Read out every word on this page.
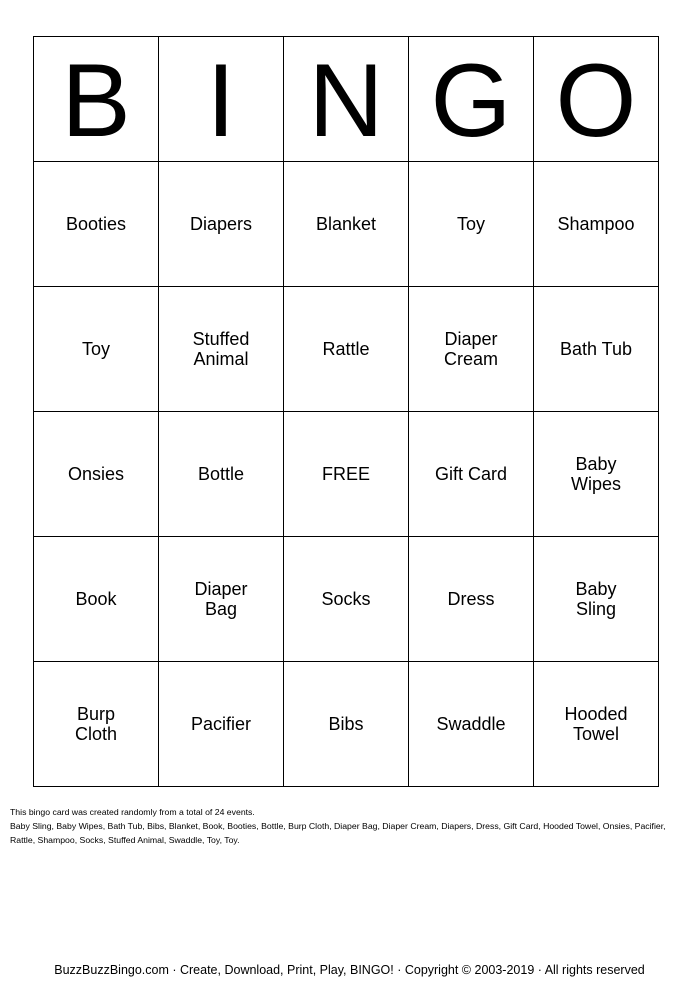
B	I	N	G	O
Booties	Diapers	Blanket	Toy	Shampoo
Toy	Stuffed Animal	Rattle	Diaper Cream	Bath Tub
Onsies	Bottle	FREE	Gift Card	Baby Wipes
Book	Diaper Bag	Socks	Dress	Baby Sling
Burp Cloth	Pacifier	Bibs	Swaddle	Hooded Towel
This bingo card was created randomly from a total of 24 events.
Baby Sling, Baby Wipes, Bath Tub, Bibs, Blanket, Book, Booties, Bottle, Burp Cloth, Diaper Bag, Diaper Cream, Diapers, Dress, Gift Card, Hooded Towel, Onsies, Pacifier, Rattle, Shampoo, Socks, Stuffed Animal, Swaddle, Toy, Toy.
BuzzBuzzBingo.com · Create, Download, Print, Play, BINGO! · Copyright © 2003-2019 · All rights reserved
